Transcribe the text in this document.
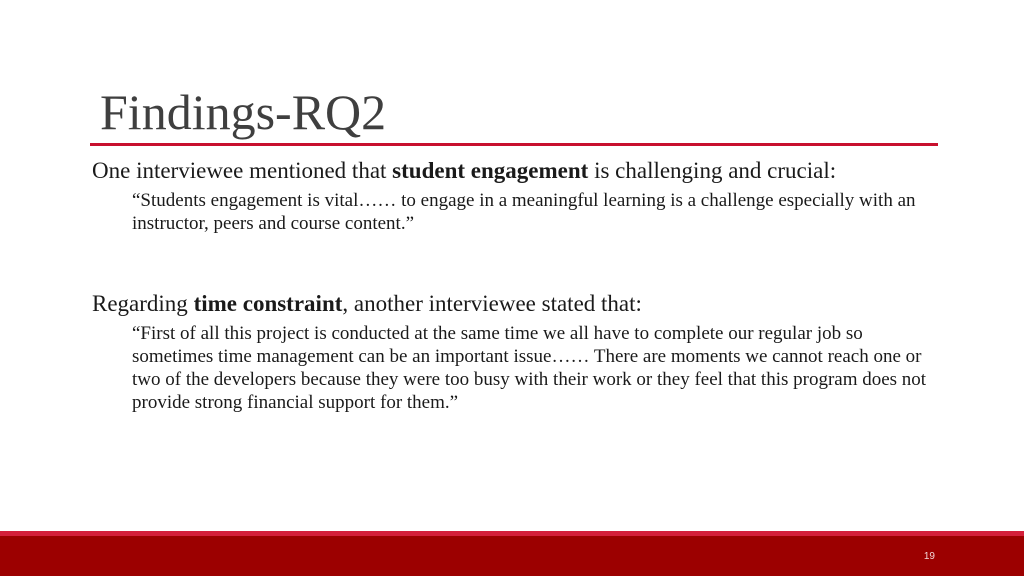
Findings-RQ2

One interviewee mentioned that student engagement is challenging and crucial:

“Students engagement is vital…… to engage in a meaningful learning is a challenge especially with an instructor, peers and course content.”

Regarding time constraint, another interviewee stated that:

“First of all this project is conducted at the same time we all have to complete our regular job so sometimes time management can be an important issue…… There are moments we cannot reach one or two of the developers because they were too busy with their work or they feel that this program does not provide strong financial support for them.”

19
